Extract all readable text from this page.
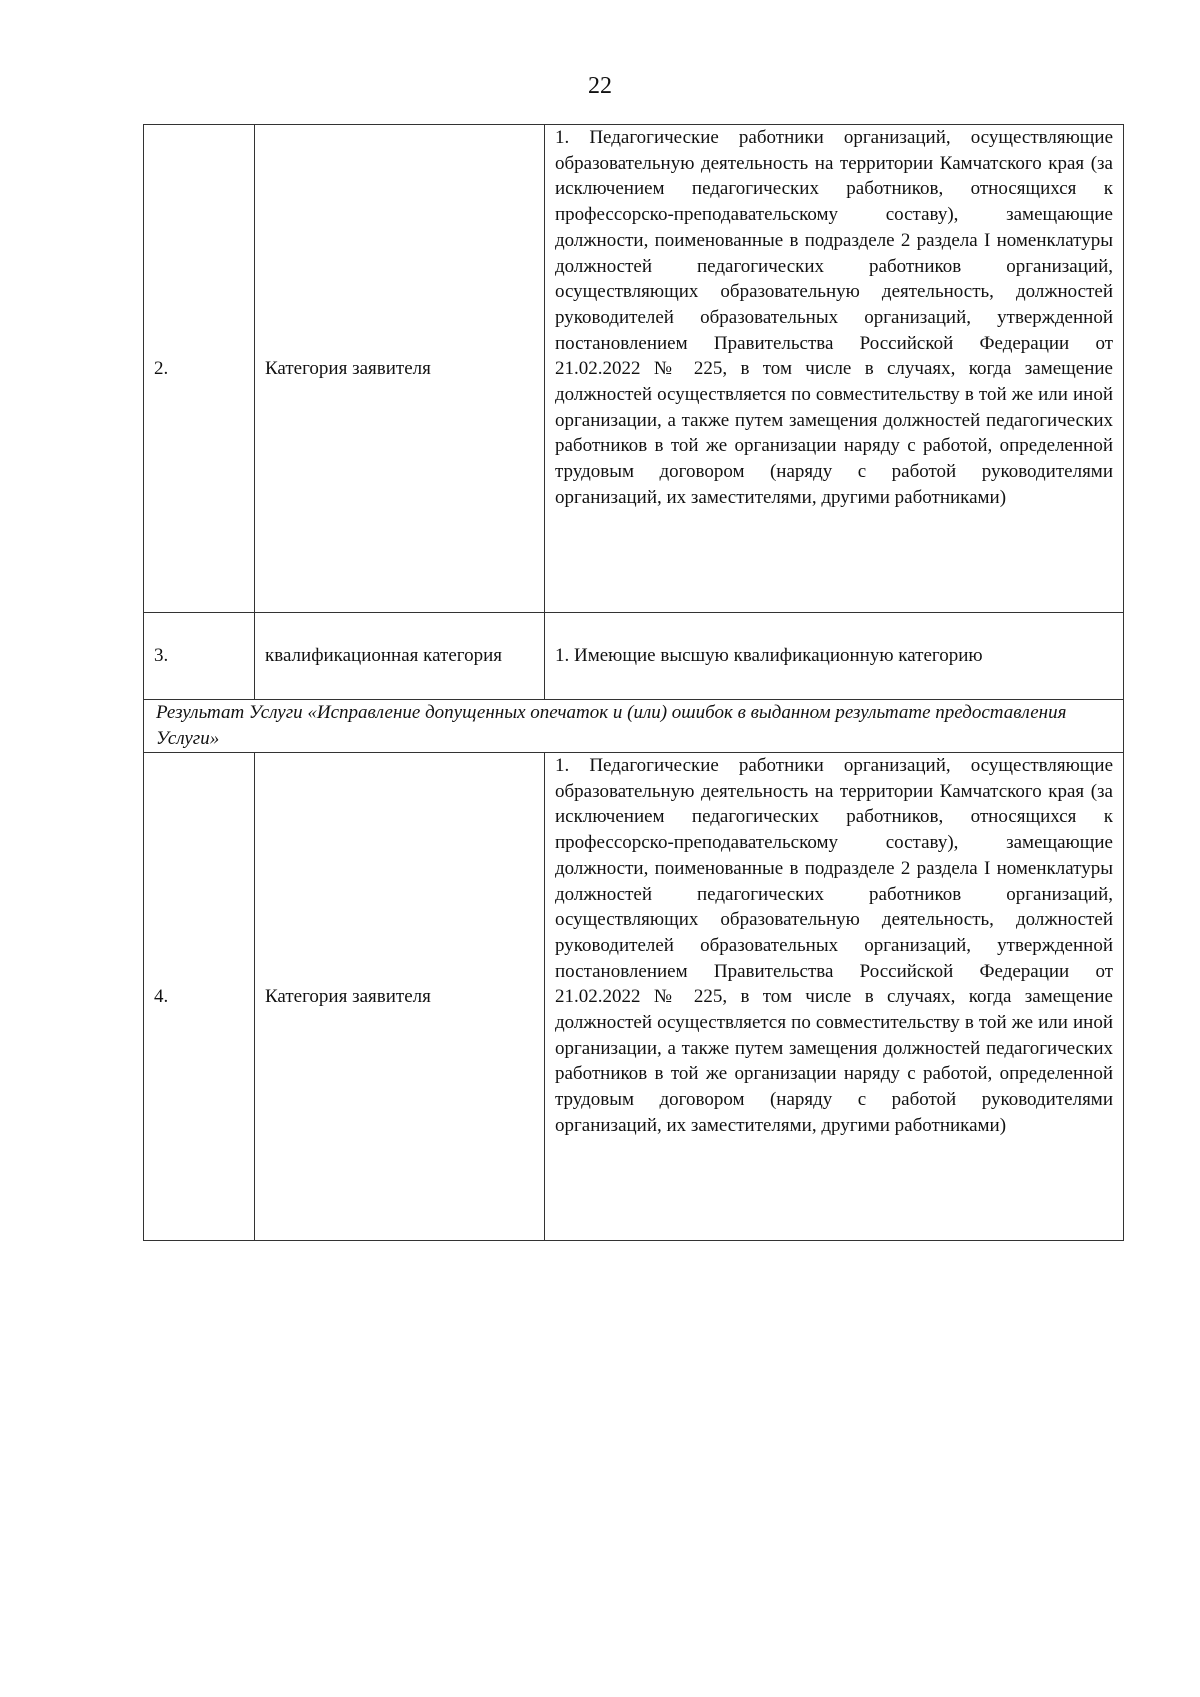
22
2.	Категория заявителя	1. Педагогические работники организаций, осуществляющие образовательную деятельность на территории Камчатского края (за исключением педагогических работников, относящихся к профессорско-преподавательскому составу), замещающие должности, поименованные в подразделе 2 раздела I номенклатуры должностей педагогических работников организаций, осуществляющих образовательную деятельность, должностей руководителей образовательных организаций, утвержденной постановлением Правительства Российской Федерации от 21.02.2022 № 225, в том числе в случаях, когда замещение должностей осуществляется по совместительству в той же или иной организации, а также путем замещения должностей педагогических работников в той же организации наряду с работой, определенной трудовым договором (наряду с работой руководителями организаций, их заместителями, другими работниками)
3.	квалификационная категория	1. Имеющие высшую квалификационную категорию
Результат Услуги «Исправление допущенных опечаток и (или) ошибок в выданном результате предоставления Услуги»		
4.	Категория заявителя	1. Педагогические работники организаций, осуществляющие образовательную деятельность на территории Камчатского края (за исключением педагогических работников, относящихся к профессорско-преподавательскому составу), замещающие должности, поименованные в подразделе 2 раздела I номенклатуры должностей педагогических работников организаций, осуществляющих образовательную деятельность, должностей руководителей образовательных организаций, утвержденной постановлением Правительства Российской Федерации от 21.02.2022 № 225, в том числе в случаях, когда замещение должностей осуществляется по совместительству в той же или иной организации, а также путем замещения должностей педагогических работников в той же организации наряду с работой, определенной трудовым договором (наряду с работой руководителями организаций, их заместителями, другими работниками)
